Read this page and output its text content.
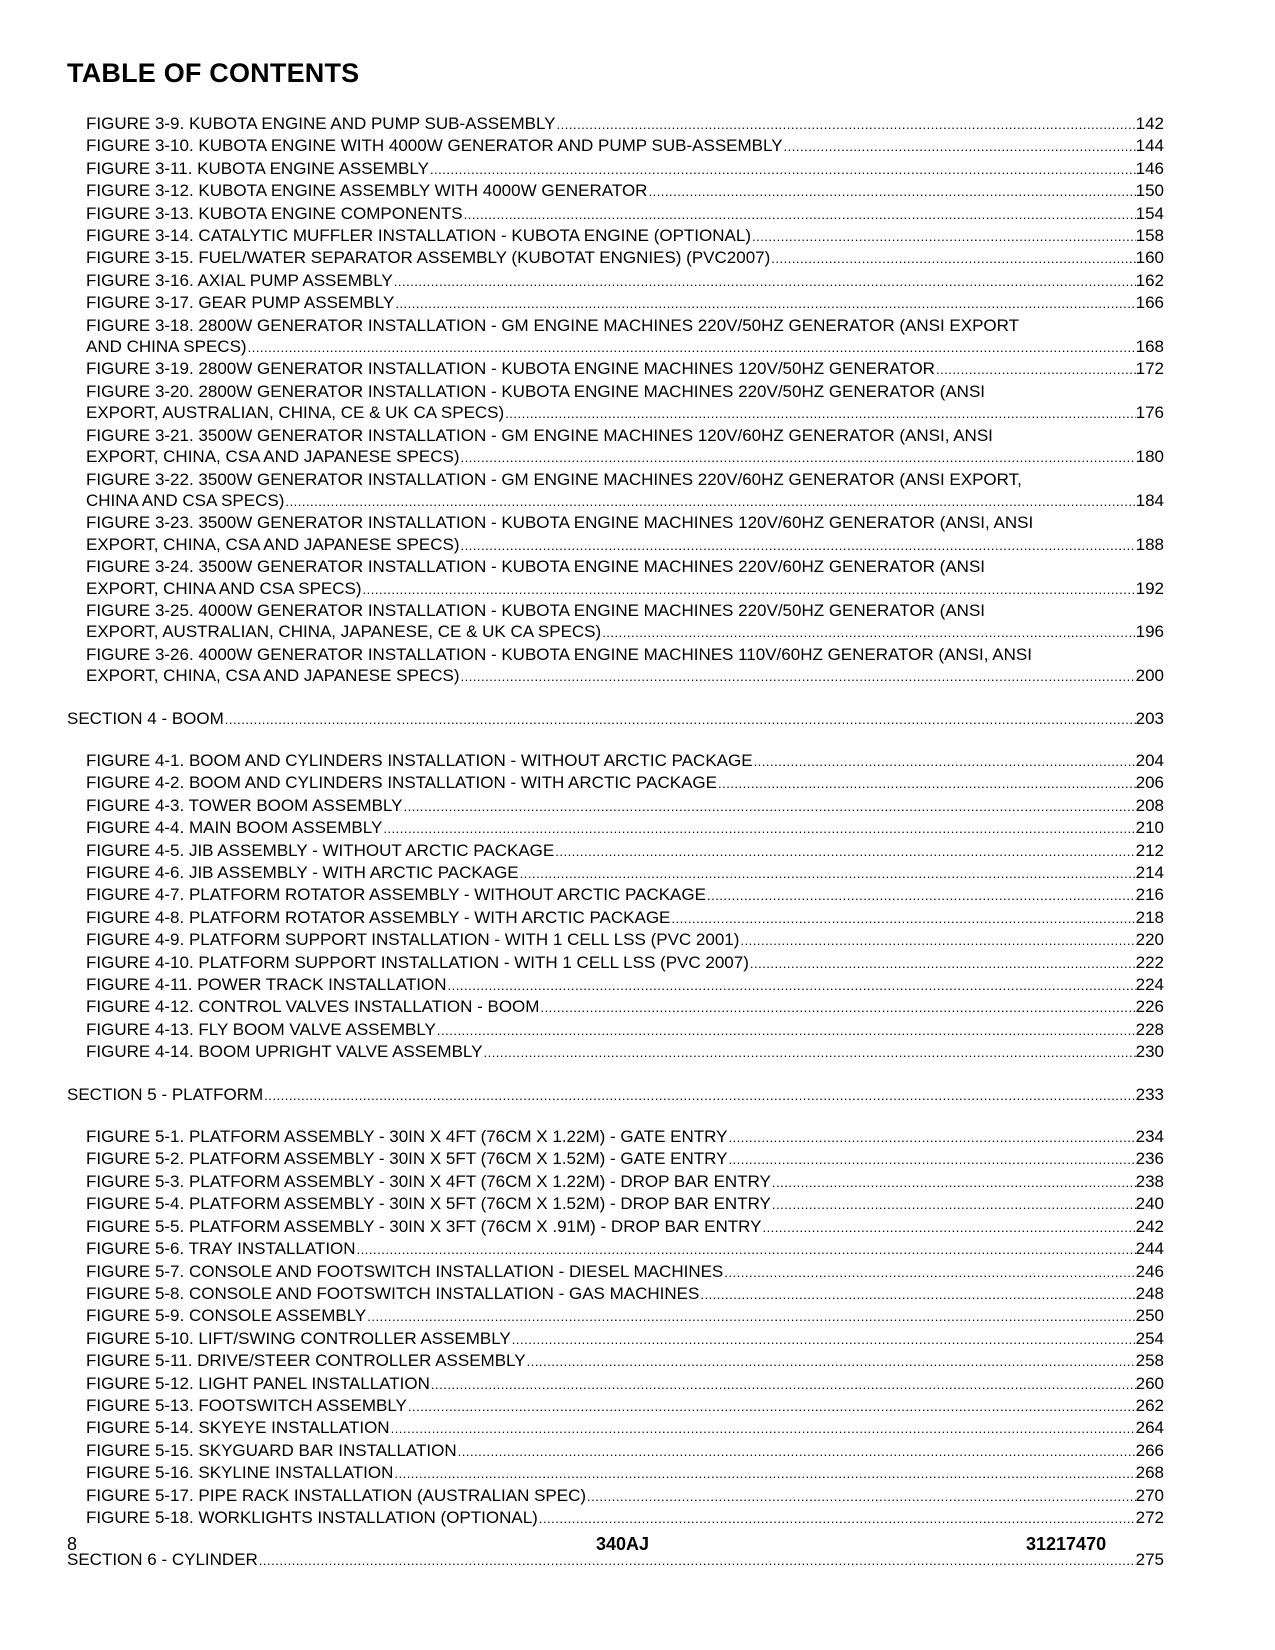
TABLE OF CONTENTS
FIGURE 3-9. KUBOTA ENGINE AND PUMP SUB-ASSEMBLY .....	142
FIGURE 3-10. KUBOTA ENGINE WITH 4000W GENERATOR AND PUMP SUB-ASSEMBLY .....	144
FIGURE 3-11. KUBOTA ENGINE ASSEMBLY .....	146
FIGURE 3-12. KUBOTA ENGINE ASSEMBLY WITH 4000W GENERATOR .....	150
FIGURE 3-13. KUBOTA ENGINE COMPONENTS .....	154
FIGURE 3-14. CATALYTIC MUFFLER INSTALLATION - KUBOTA ENGINE (OPTIONAL) .....	158
FIGURE 3-15. FUEL/WATER SEPARATOR ASSEMBLY (KUBOTAT ENGNIES) (PVC2007) .....	160
FIGURE 3-16. AXIAL PUMP ASSEMBLY .....	162
FIGURE 3-17. GEAR PUMP ASSEMBLY .....	166
FIGURE 3-18. 2800W GENERATOR INSTALLATION - GM ENGINE MACHINES 220V/50HZ GENERATOR (ANSI EXPORT
AND CHINA SPECS) .....	168
FIGURE 3-19. 2800W GENERATOR INSTALLATION - KUBOTA ENGINE MACHINES 120V/50HZ GENERATOR .....	172
FIGURE 3-20. 2800W GENERATOR INSTALLATION - KUBOTA ENGINE MACHINES 220V/50HZ GENERATOR (ANSI
EXPORT, AUSTRALIAN, CHINA, CE & UK CA SPECS) .....	176
FIGURE 3-21. 3500W GENERATOR INSTALLATION - GM ENGINE MACHINES 120V/60HZ GENERATOR (ANSI, ANSI
EXPORT, CHINA, CSA AND JAPANESE SPECS) .....	180
FIGURE 3-22. 3500W GENERATOR INSTALLATION - GM ENGINE MACHINES 220V/60HZ GENERATOR (ANSI EXPORT,
CHINA AND CSA SPECS) .....	184
FIGURE 3-23. 3500W GENERATOR INSTALLATION - KUBOTA ENGINE MACHINES 120V/60HZ GENERATOR (ANSI, ANSI
EXPORT, CHINA, CSA AND JAPANESE SPECS) .....	188
FIGURE 3-24. 3500W GENERATOR INSTALLATION - KUBOTA ENGINE MACHINES 220V/60HZ GENERATOR (ANSI
EXPORT, CHINA AND CSA SPECS) .....	192
FIGURE 3-25. 4000W GENERATOR INSTALLATION - KUBOTA ENGINE MACHINES 220V/50HZ GENERATOR (ANSI
EXPORT, AUSTRALIAN, CHINA, JAPANESE, CE & UK CA SPECS) .....	196
FIGURE 3-26. 4000W GENERATOR INSTALLATION - KUBOTA ENGINE MACHINES 110V/60HZ GENERATOR (ANSI, ANSI
EXPORT, CHINA, CSA AND JAPANESE SPECS) .....	200
SECTION 4 - BOOM .....	203
FIGURE 4-1. BOOM AND CYLINDERS INSTALLATION - WITHOUT ARCTIC PACKAGE .....	204
FIGURE 4-2. BOOM AND CYLINDERS INSTALLATION - WITH ARCTIC PACKAGE .....	206
FIGURE 4-3. TOWER BOOM ASSEMBLY .....	208
FIGURE 4-4. MAIN BOOM ASSEMBLY .....	210
FIGURE 4-5. JIB ASSEMBLY - WITHOUT ARCTIC PACKAGE .....	212
FIGURE 4-6. JIB ASSEMBLY - WITH ARCTIC PACKAGE .....	214
FIGURE 4-7. PLATFORM ROTATOR ASSEMBLY - WITHOUT ARCTIC PACKAGE .....	216
FIGURE 4-8. PLATFORM ROTATOR ASSEMBLY - WITH ARCTIC PACKAGE .....	218
FIGURE 4-9. PLATFORM SUPPORT INSTALLATION - WITH 1 CELL LSS (PVC 2001) .....	220
FIGURE 4-10. PLATFORM SUPPORT INSTALLATION - WITH 1 CELL LSS (PVC 2007) .....	222
FIGURE 4-11. POWER TRACK INSTALLATION .....	224
FIGURE 4-12. CONTROL VALVES INSTALLATION - BOOM .....	226
FIGURE 4-13. FLY BOOM VALVE ASSEMBLY .....	228
FIGURE 4-14. BOOM UPRIGHT VALVE ASSEMBLY .....	230
SECTION 5 - PLATFORM .....	233
FIGURE 5-1. PLATFORM ASSEMBLY - 30IN X 4FT (76CM X 1.22M) - GATE ENTRY .....	234
FIGURE 5-2. PLATFORM ASSEMBLY - 30IN X 5FT (76CM X 1.52M) - GATE ENTRY .....	236
FIGURE 5-3. PLATFORM ASSEMBLY - 30IN X 4FT (76CM X 1.22M) - DROP BAR ENTRY .....	238
FIGURE 5-4. PLATFORM ASSEMBLY - 30IN X 5FT (76CM X 1.52M) - DROP BAR ENTRY .....	240
FIGURE 5-5. PLATFORM ASSEMBLY - 30IN X 3FT (76CM X .91M) - DROP BAR ENTRY .....	242
FIGURE 5-6. TRAY INSTALLATION .....	244
FIGURE 5-7. CONSOLE AND FOOTSWITCH INSTALLATION - DIESEL MACHINES .....	246
FIGURE 5-8. CONSOLE AND FOOTSWITCH INSTALLATION - GAS MACHINES .....	248
FIGURE 5-9. CONSOLE ASSEMBLY .....	250
FIGURE 5-10. LIFT/SWING CONTROLLER ASSEMBLY .....	254
FIGURE 5-11. DRIVE/STEER CONTROLLER ASSEMBLY .....	258
FIGURE 5-12. LIGHT PANEL INSTALLATION .....	260
FIGURE 5-13. FOOTSWITCH ASSEMBLY .....	262
FIGURE 5-14. SKYEYE INSTALLATION .....	264
FIGURE 5-15. SKYGUARD BAR INSTALLATION .....	266
FIGURE 5-16. SKYLINE INSTALLATION .....	268
FIGURE 5-17. PIPE RACK INSTALLATION (AUSTRALIAN SPEC) .....	270
FIGURE 5-18. WORKLIGHTS INSTALLATION (OPTIONAL) .....	272
SECTION 6 - CYLINDER .....	275
8	340AJ	31217470
